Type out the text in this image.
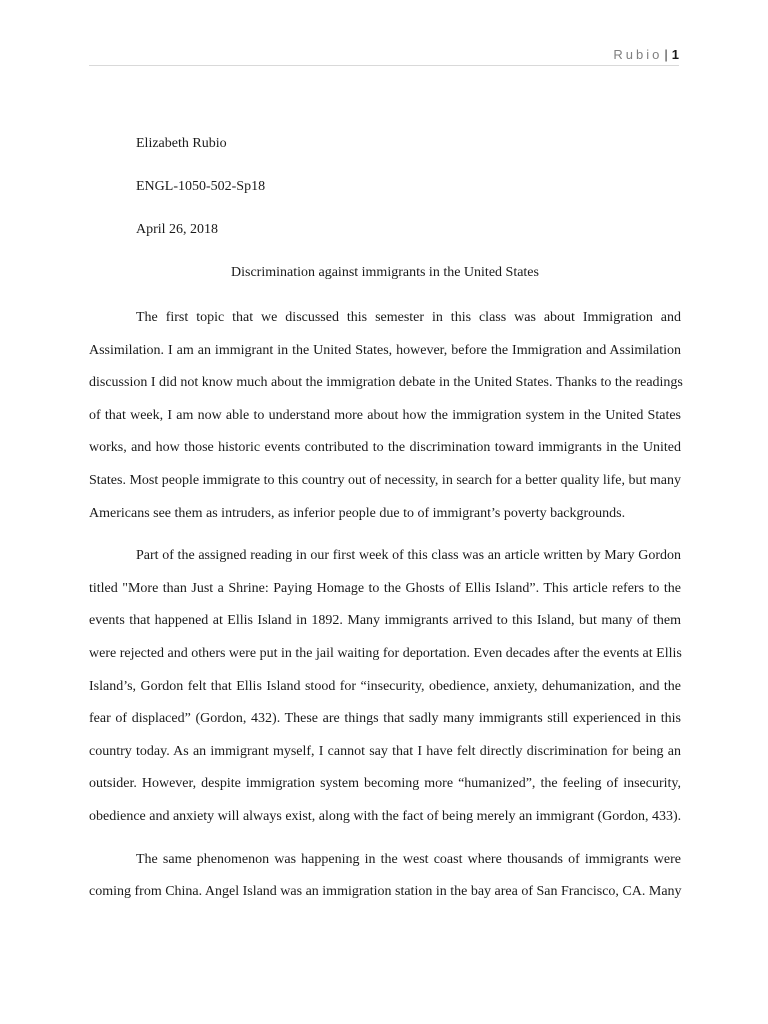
Rubio | 1
Elizabeth Rubio
ENGL-1050-502-Sp18
April 26, 2018
Discrimination against immigrants in the United States
The first topic that we discussed this semester in this class was about Immigration and
Assimilation. I am an immigrant in the United States, however, before the Immigration and Assimilation
discussion I did not know much about the immigration debate in the United States. Thanks to the readings
of that week, I am now able to understand more about how the immigration system in the United States
works, and how those historic events contributed to the discrimination toward immigrants in the United
States. Most people immigrate to this country out of necessity, in search for a better quality life, but many
Americans see them as intruders, as inferior people due to of immigrant’s poverty backgrounds.
Part of the assigned reading in our first week of this class was an article written by Mary Gordon
titled "More than Just a Shrine: Paying Homage to the Ghosts of Ellis Island”. This article refers to the
events that happened at Ellis Island in 1892. Many immigrants arrived to this Island, but many of them
were rejected and others were put in the jail waiting for deportation. Even decades after the events at Ellis
Island’s, Gordon felt that Ellis Island stood for “insecurity, obedience, anxiety, dehumanization, and the
fear of displaced” (Gordon, 432). These are things that sadly many immigrants still experienced in this
country today. As an immigrant myself, I cannot say that I have felt directly discrimination for being an
outsider. However, despite immigration system becoming more “humanized”, the feeling of insecurity,
obedience and anxiety will always exist, along with the fact of being merely an immigrant (Gordon, 433).
The same phenomenon was happening in the west coast where thousands of immigrants were
coming from China. Angel Island was an immigration station in the bay area of San Francisco, CA. Many
